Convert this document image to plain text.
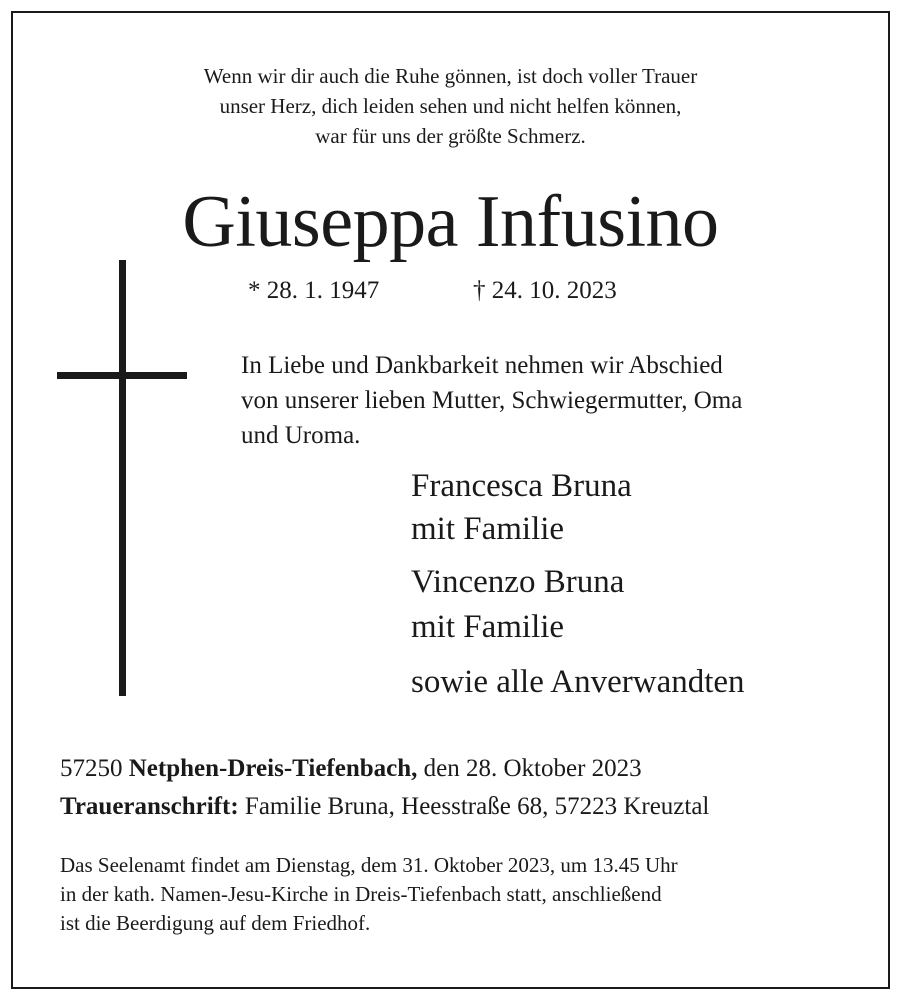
Wenn wir dir auch die Ruhe gönnen, ist doch voller Trauer
unser Herz, dich leiden sehen und nicht helfen können,
war für uns der größte Schmerz.
Giuseppa Infusino
* 28. 1. 1947	† 24. 10. 2023
In Liebe und Dankbarkeit nehmen wir Abschied
von unserer lieben Mutter, Schwiegermutter, Oma
und Uroma.
Francesca Bruna
mit Familie
Vincenzo Bruna
mit Familie
sowie alle Anverwandten
57250 Netphen-Dreis-Tiefenbach, den 28. Oktober 2023
Traueranschrift: Familie Bruna, Heesstraße 68, 57223 Kreuztal
Das Seelenamt findet am Dienstag, dem 31. Oktober 2023, um 13.45 Uhr
in der kath. Namen-Jesu-Kirche in Dreis-Tiefenbach statt, anschließend
ist die Beerdigung auf dem Friedhof.
